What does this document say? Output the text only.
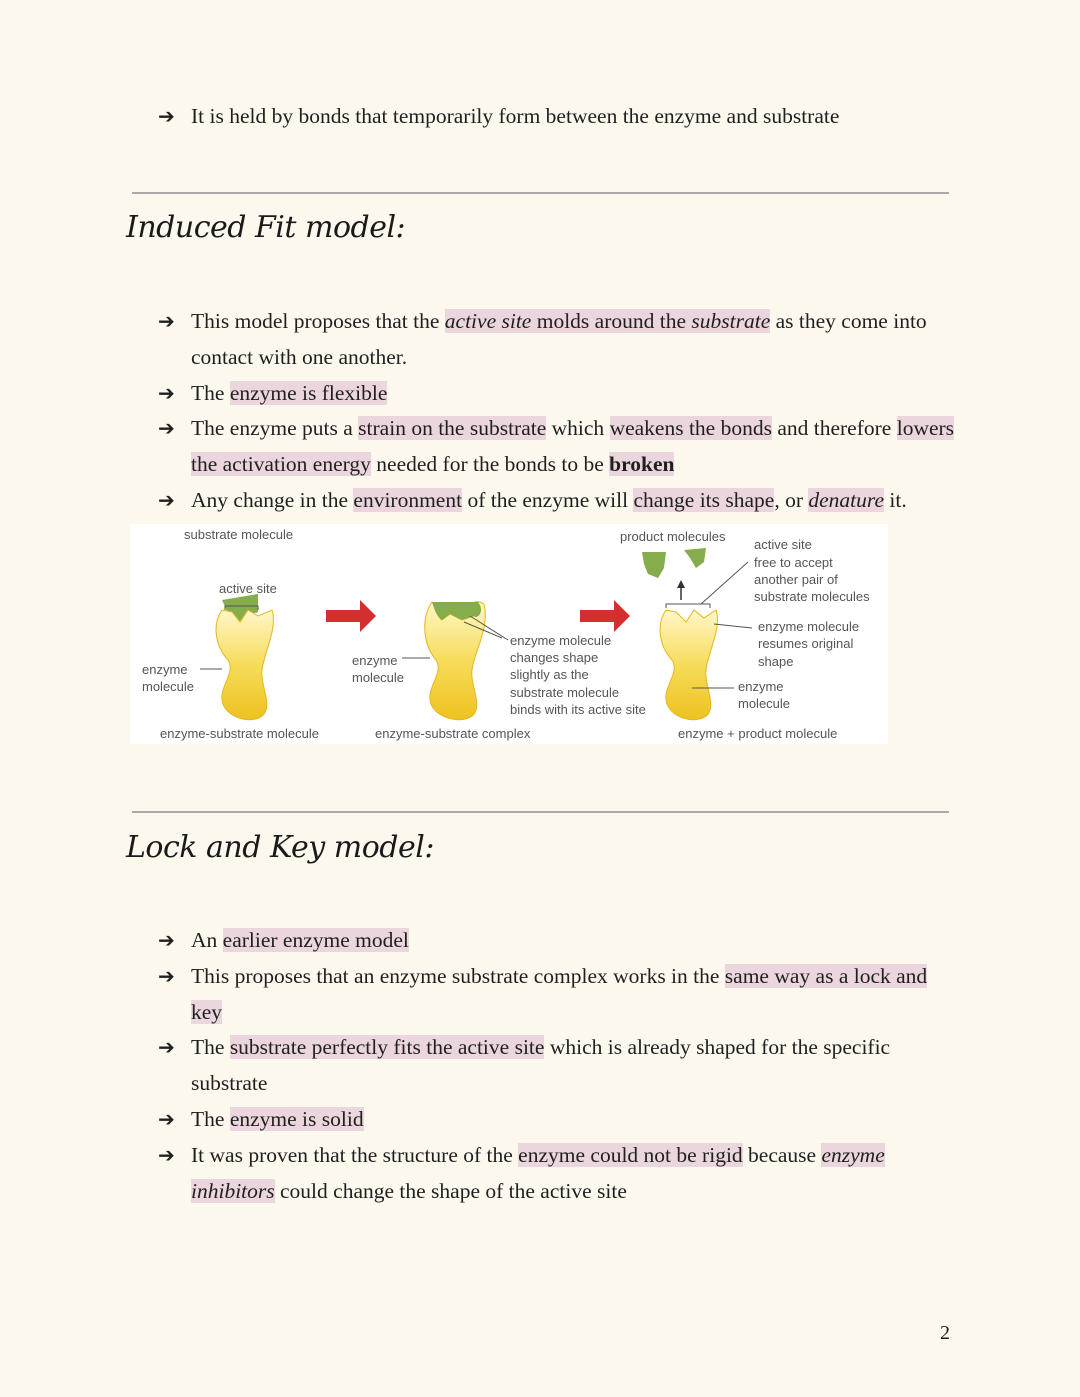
➔ It is held by bonds that temporarily form between the enzyme and substrate
Induced Fit model:
➔ This model proposes that the active site molds around the substrate as they come into contact with one another.
➔ The enzyme is flexible
➔ The enzyme puts a strain on the substrate which weakens the bonds and therefore lowers the activation energy needed for the bonds to be broken
➔ Any change in the environment of the enzyme will change its shape, or denature it.
substrate molecule
active site
enzyme
molecule
enzyme-substrate molecule
enzyme
molecule
enzyme molecule
changes shape
slightly as the
substrate molecule
binds with its active site
enzyme-substrate complex
product molecules
active site
free to accept
another pair of
substrate molecules
enzyme molecule
resumes original
shape
enzyme
molecule
enzyme + product molecule
Lock and Key model:
➔ An earlier enzyme model
➔ This proposes that an enzyme substrate complex works in the same way as a lock and key
➔ The substrate perfectly fits the active site which is already shaped for the specific substrate
➔ The enzyme is solid
➔ It was proven that the structure of the enzyme could not be rigid because enzyme inhibitors could change the shape of the active site
2
